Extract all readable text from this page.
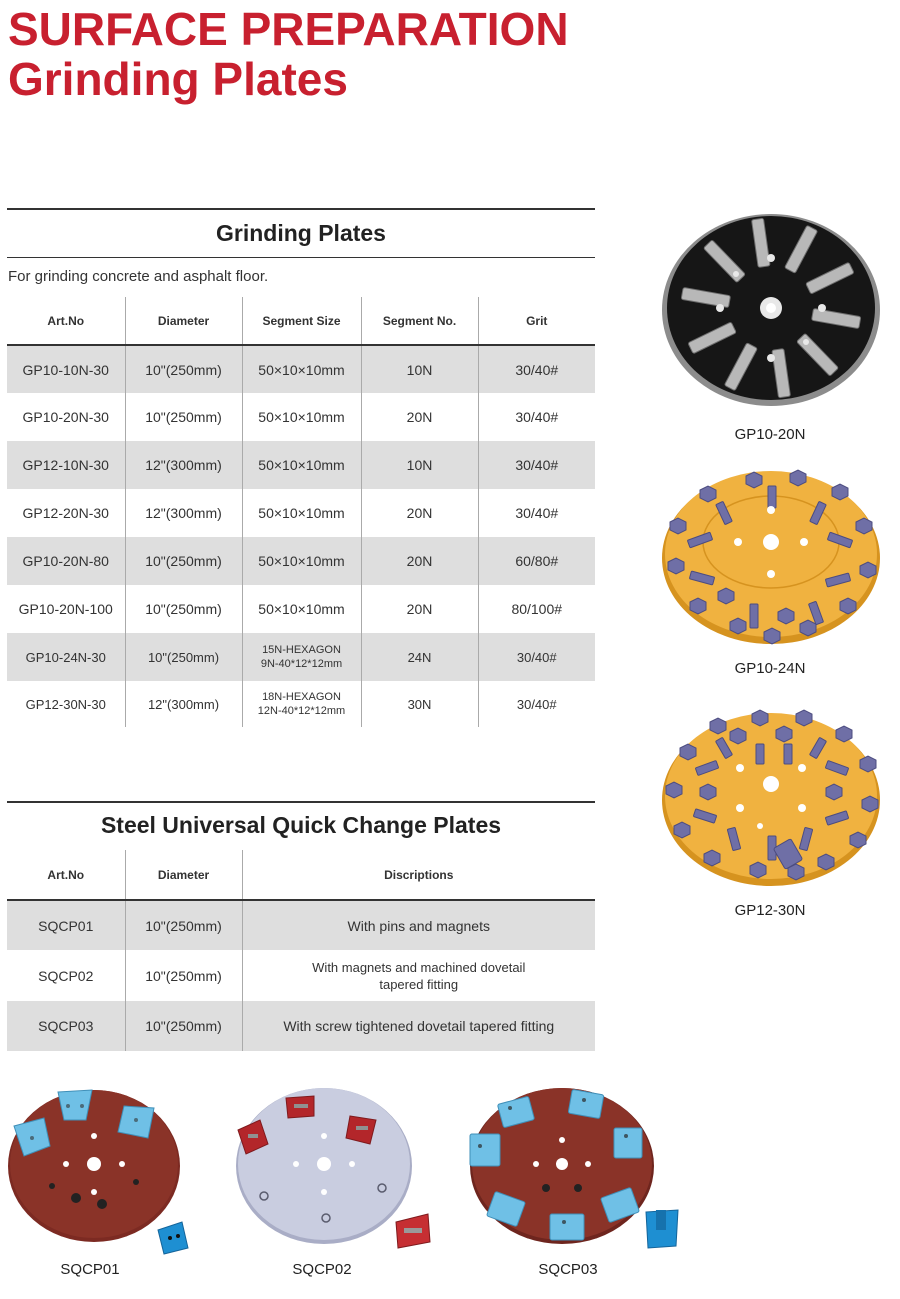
SURFACE PREPARATION
Grinding Plates
Grinding Plates
For grinding concrete and asphalt floor.
Art.No	Diameter	Segment Size	Segment No.	Grit
GP10-10N-30	10"(250mm)	50×10×10mm	10N	30/40#
GP10-20N-30	10"(250mm)	50×10×10mm	20N	30/40#
GP12-10N-30	12"(300mm)	50×10×10mm	10N	30/40#
GP12-20N-30	12"(300mm)	50×10×10mm	20N	30/40#
GP10-20N-80	10"(250mm)	50×10×10mm	20N	60/80#
GP10-20N-100	10"(250mm)	50×10×10mm	20N	80/100#
GP10-24N-30	10"(250mm)	15N-HEXAGON
9N-40*12*12mm	24N	30/40#
GP12-30N-30	12"(300mm)	18N-HEXAGON
12N-40*12*12mm	30N	30/40#
Steel Universal Quick Change Plates
Art.No	Diameter	Discriptions
SQCP01	10"(250mm)	With pins and magnets
SQCP02	10"(250mm)	With magnets and machined dovetail
tapered fitting
SQCP03	10"(250mm)	With screw tightened dovetail tapered fitting
GP10-20N
GP10-24N
GP12-30N
SQCP01	SQCP02	SQCP03
